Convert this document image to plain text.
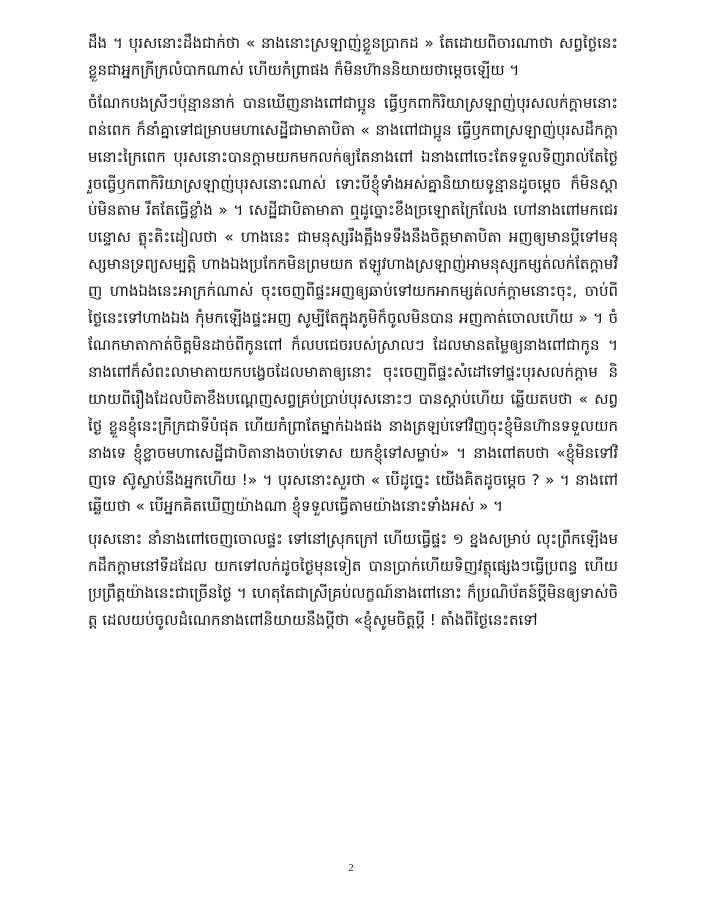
ដឹង ។ បុរសនោះដឹងជាក់ថា « នាងនោះស្រឡាញ់ខ្លួនប្រាកដ » តែដោយពិចារណាថា សព្វថ្ងៃនេះខ្លួនជាអ្នកក្រីក្រលំបាកណាស់ ហើយកំព្រាផង ក៏មិនហ៊ាននិយាយថាម្ដេចឡើយ ។

ចំណែកបងស្រីៗប៉ុន្មាននាក់ បានឃើញនាងពៅជាប្អូន ធ្វើឫកពាកិរិយាស្រឡាញ់បុរសលក់ក្ដាមនោះពន់ពេក ក៏នាំគ្នាទៅជម្រាបមហាសេដ្ឋីជាមាតាបិតា « នាងពៅជាប្អូន ធ្វើឫកពាស្រឡាញ់បុរសដឹកក្ដាមនោះក្រៃពេក បុរសនោះបានក្ដាមយកមកលក់ឲ្យតែនាងពៅ ឯនាងពៅចេះតែទទួលទិញរាល់តែថ្ងៃ រួចធ្វើឫកពាកិរិយាស្រឡាញ់បុរសនោះណាស់ ទោះបីខ្ញុំទាំងអស់គ្នានិយាយទូន្មានដូចម្ដេច ក៏មិនស្ដាប់មិនតាម រឹតតែធ្វើខ្លាំង » ។ សេដ្ឋីជាបិតាមាតា ឮដូច្នោះខឹងច្រឡោតក្រៃលែង ហៅនាងពៅមកជេរបន្ទោស ត្លុះតិះដៀលថា « ហាងនេះ ជាមនុស្សរឹងត្អឹងទទឹងនឹងចិត្តមាតាបិតា អញឲ្យមានប្ដីទៅមនុស្សមានទ្រព្យសម្បត្តិ ហាងឯងប្រកែកមិនព្រមយក ឥឡូវហាងស្រឡាញ់អាមនុស្សកម្សត់លក់តែក្ដាមវិញ ហាងឯងនេះអាក្រក់ណាស់ ចុះចេញពីផ្ទះអញឲ្យឆាប់ទៅយកអាកម្សត់លក់ក្ដាមនោះចុះ, ចាប់ពីថ្ងៃនេះទៅហាងឯង កុំមកឡើងផ្ទះអញ សូម្បីតែក្នុងភូមិក៏ចូលមិនបាន អញកាត់ចោលហើយ » ។ ចំណែកមាតាកាត់ចិត្តមិនដាច់ពីកូនពៅ ក៏លបជេចរបស់ស្រាលៗ ដែលមានតម្លៃឲ្យនាងពៅជាកូន ។ នាងពៅក៏សំពះលាមាតាយកបង្វេចដែលមាតាឲ្យនោះ ចុះចេញពីផ្ទះសំដៅទៅផ្ទះបុរសលក់ក្ដាម និយាយពីរឿងដែលបិតាខឹងបណ្ដេញសព្វគ្រប់ប្រាប់បុរសនោះៗ បានស្ដាប់ហើយ ឆ្លើយតបថា « សព្វថ្ងៃ ខ្លួនខ្ញុំនេះក្រីក្រជាទីបំផុត ហើយកំព្រាតែម្នាក់ឯងផង នាងត្រឡប់ទៅវិញចុះខ្ញុំមិនហ៊ានទទួលយកនាងទេ ខ្ញុំខ្លាចមហាសេដ្ឋីជាបិតានាងចាប់ទោស យកខ្ញុំទៅសម្លាប់» ។ នាងពៅតបថា «ខ្ញុំមិនទៅវិញទេ ស៊ូស្លាប់នឹងអ្នកហើយ !» ។ បុរសនោះសួរថា « បើដូច្នេះ យើងគិតដូចម្ដេច ? » ។ នាងពៅឆ្លើយថា « បើអ្នកគិតឃើញយ៉ាងណា ខ្ញុំទទួលធ្វើតាមយ៉ាងនោះទាំងអស់ » ។

បុរសនោះ នាំនាងពៅចេញចោលផ្ទះ ទៅនៅស្រុកក្រៅ ហើយធ្វើផ្ទះ ១ ខ្នងសម្រាប់ លុះព្រឹកឡើងមកដឹកក្ដាមនៅទីដដែល យកទៅលក់ដូចថ្ងៃមុនទៀត បានប្រាក់ហើយទិញវត្ថុផ្សេងៗធ្វើប្រពន្ធ ហើយប្រព្រឹត្តយ៉ាងនេះជាច្រើនថ្ងៃ ។ ហេតុតែជាស្រីគ្រប់លក្ខណ៍នាងពៅនោះ ក៏ប្រណិប័តន៍ប្ដីមិនឲ្យទាស់ចិត្ត ដេលយប់ចូលដំណេកនាងពៅនិយាយនឹងប្ដីថា «ខ្ញុំសូមចិត្តប្ដី ! តាំងពីថ្ងៃនេះតទៅ

2
